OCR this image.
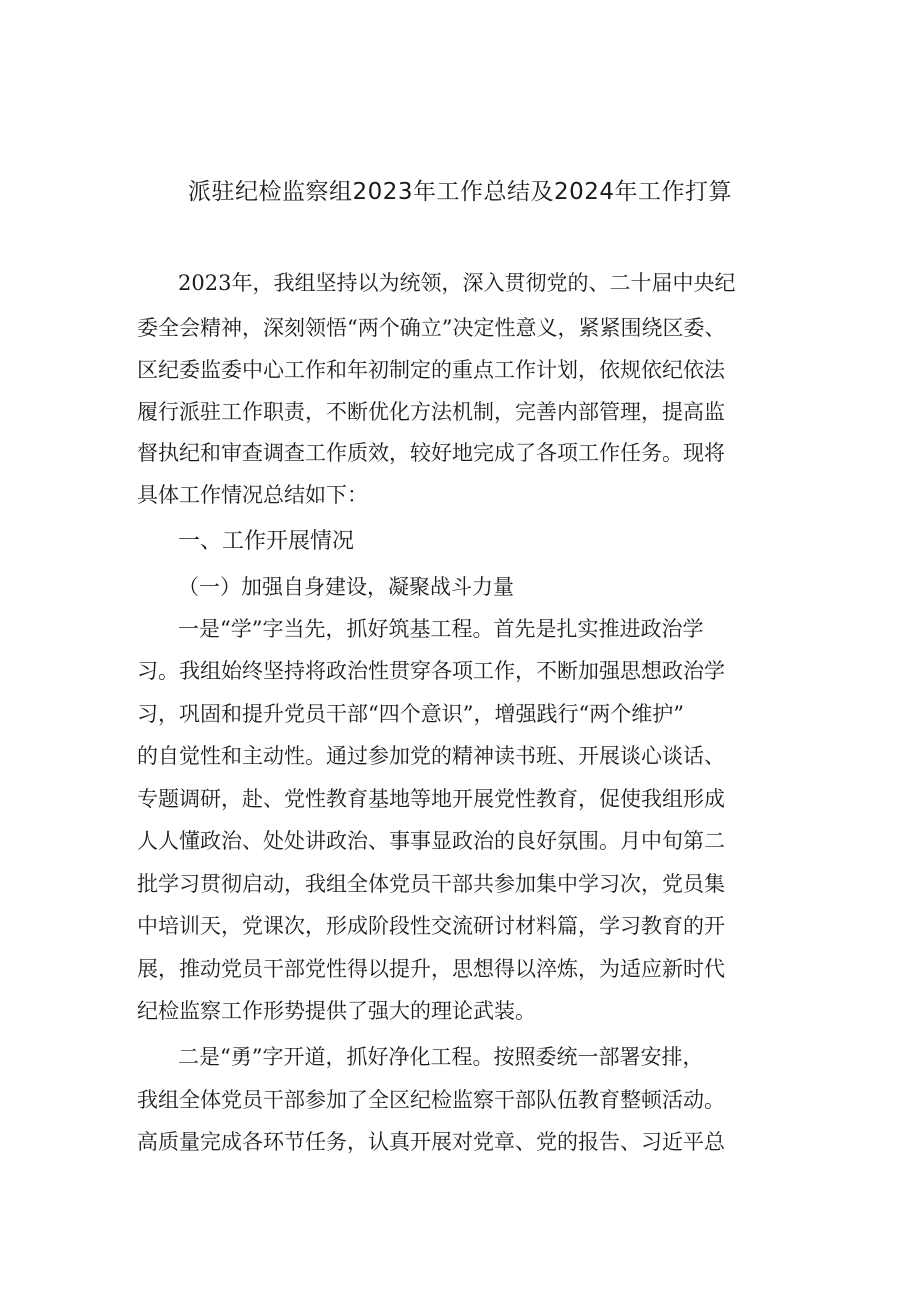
派驻纪检监察组2023年工作总结及2024年工作打算
2023年，我组坚持以为统领，深入贯彻党的、二十届中央纪
委全会精神，深刻领悟“两个确立”决定性意义，紧紧围绕区委、
区纪委监委中心工作和年初制定的重点工作计划，依规依纪依法
履行派驻工作职责，不断优化方法机制，完善内部管理，提高监
督执纪和审查调查工作质效，较好地完成了各项工作任务。现将
具体工作情况总结如下：
一、工作开展情况
（一）加强自身建设，凝聚战斗力量
一是“学”字当先，抓好筑基工程。首先是扎实推进政治学
习。我组始终坚持将政治性贯穿各项工作，不断加强思想政治学
习，巩固和提升党员干部“四个意识”，增强践行“两个维护”
的自觉性和主动性。通过参加党的精神读书班、开展谈心谈话、
专题调研，赴、党性教育基地等地开展党性教育，促使我组形成
人人懂政治、处处讲政治、事事显政治的良好氛围。月中旬第二
批学习贯彻启动，我组全体党员干部共参加集中学习次，党员集
中培训天，党课次，形成阶段性交流研讨材料篇，学习教育的开
展，推动党员干部党性得以提升，思想得以淬炼，为适应新时代
纪检监察工作形势提供了强大的理论武装。
二是“勇”字开道，抓好净化工程。按照委统一部署安排，
我组全体党员干部参加了全区纪检监察干部队伍教育整顿活动。
高质量完成各环节任务，认真开展对党章、党的报告、习近平总
